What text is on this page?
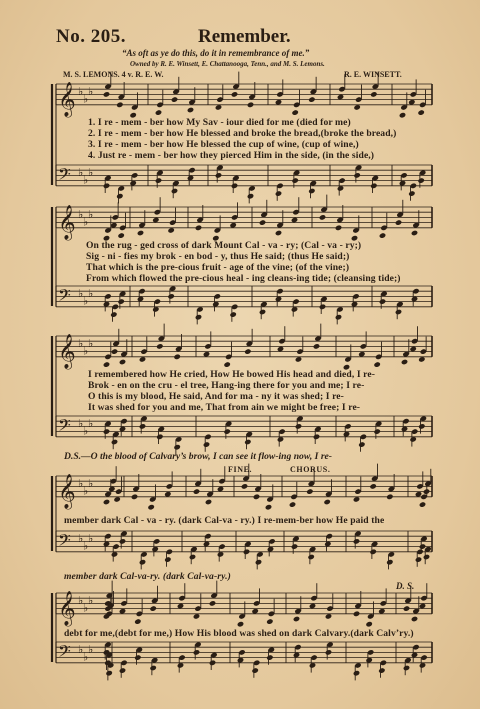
No. 205.	Remember.
“As oft as ye do this, do it in remembrance of me.”
Owned by R. E. Winsett, E. Chattanooga, Tenn., and M. S. Lemons.
M. S. LEMONS. 4 v. R. E. W.	R. E. WINSETT.
𝄞 ♭
♭
♭
𝄢 ♭
♭
♭
𝄞 ♭
♭
♭
𝄢 ♭
♭
♭
𝄞 ♭
♭
♭
𝄢 ♭
♭
♭
𝄞 ♭
♭
♭
𝄢 ♭
♭
♭
𝄞 ♭
♭
♭
𝄢 ♭
♭
♭
1. I re - mem - ber how My Sav - iour died for me (died for me)
2. I re - mem - ber how He blessed and broke the bread,(broke the bread,)
3. I re - mem - ber how He blessed the cup of wine, (cup of wine,)
4. Just re - mem - ber how they pierced Him in the side, (in the side,)
On the rug - ged cross of dark Mount Cal - va - ry; (Cal - va - ry;)
Sig - ni - fies my brok - en bod - y, thus He said; (thus He said;)
That which is the pre-cious fruit - age of the vine; (of the vine;)
From which flowed the pre-cious heal - ing cleans-ing tide; (cleansing tide;)
I remembered how He cried, How He bowed His head and died, I re-
Brok - en on the cru - el tree, Hang-ing there for you and me; I re-
O this is my blood, He said, And for ma - ny it was shed; I re-
It was shed for you and me, That from ain we might be free; I re-
D.S.—O the blood of Calvary’s brow, I can see it flow-ing now, I re-
FINE.	CHORUS.
member dark Cal - va - ry. (dark Cal-va - ry.) I re-mem-ber how He paid the
member dark Cal-va-ry. (dark Cal-va-ry.)
D. S.
debt for me,(debt for me,) How His blood was shed on dark Calvary.(dark Calv’ry.)
